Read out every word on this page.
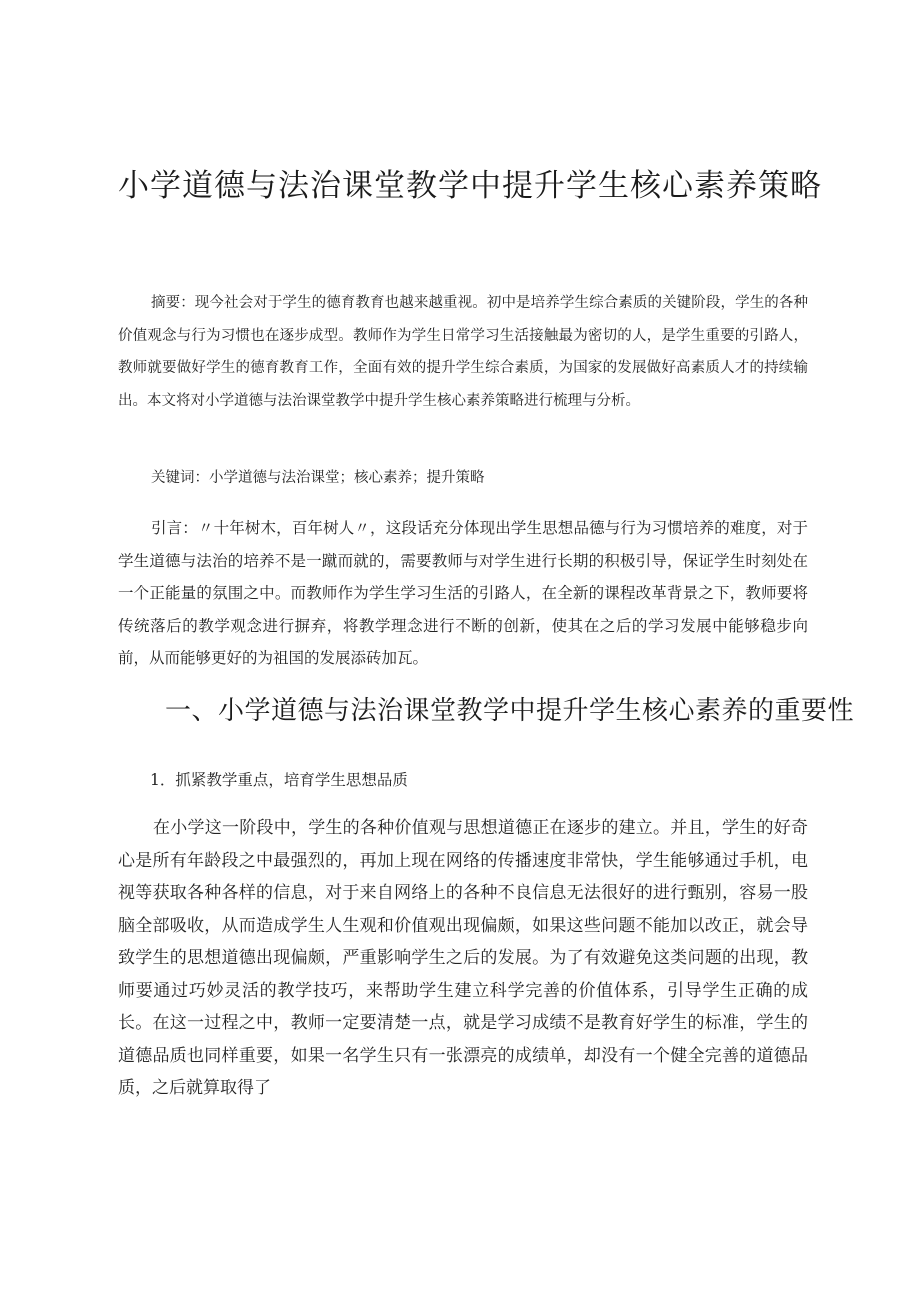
小学道德与法治课堂教学中提升学生核心素养策略

摘要：现今社会对于学生的德育教育也越来越重视。初中是培养学生综合素质的关键阶段，学生的各种价值观念与行为习惯也在逐步成型。教师作为学生日常学习生活接触最为密切的人，是学生重要的引路人，教师就要做好学生的德育教育工作，全面有效的提升学生综合素质，为国家的发展做好高素质人才的持续输出。本文将对小学道德与法治课堂教学中提升学生核心素养策略进行梳理与分析。

关键词：小学道德与法治课堂；核心素养；提升策略

引言：〃十年树木，百年树人〃，这段话充分体现出学生思想品德与行为习惯培养的难度，对于学生道德与法治的培养不是一蹴而就的，需要教师与对学生进行长期的积极引导，保证学生时刻处在一个正能量的氛围之中。而教师作为学生学习生活的引路人，在全新的课程改革背景之下，教师要将传统落后的教学观念进行摒弃，将教学理念进行不断的创新，使其在之后的学习发展中能够稳步向前，从而能够更好的为祖国的发展添砖加瓦。

一、小学道德与法治课堂教学中提升学生核心素养的重要性
1．抓紧教学重点，培育学生思想品质

在小学这一阶段中，学生的各种价值观与思想道德正在逐步的建立。并且，学生的好奇心是所有年龄段之中最强烈的，再加上现在网络的传播速度非常快，学生能够通过手机，电视等获取各种各样的信息，对于来自网络上的各种不良信息无法很好的进行甄别，容易一股脑全部吸收，从而造成学生人生观和价值观出现偏颇，如果这些问题不能加以改正，就会导致学生的思想道德出现偏颇，严重影响学生之后的发展。为了有效避免这类问题的出现，教师要通过巧妙灵活的教学技巧，来帮助学生建立科学完善的价值体系，引导学生正确的成长。在这一过程之中，教师一定要清楚一点，就是学习成绩不是教育好学生的标准，学生的道德品质也同样重要，如果一名学生只有一张漂亮的成绩单，却没有一个健全完善的道德品质，之后就算取得了
